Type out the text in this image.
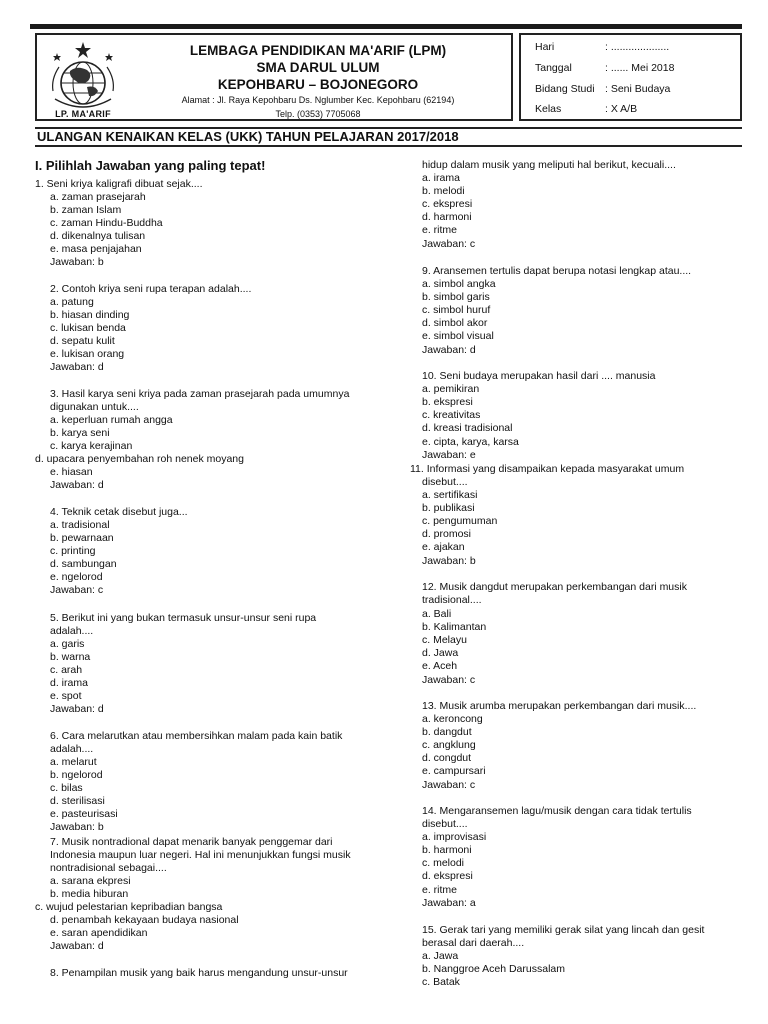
LP. MA'ARIF
LEMBAGA PENDIDIKAN MA'ARIF (LPM)
SMA DARUL ULUM
KEPOHBARU – BOJONEGORO
Alamat : Jl. Raya Kepohbaru Ds. Nglumber Kec. Kepohbaru (62194)
Telp. (0353) 7705068
Hari	: ....................
Tanggal	: ...... Mei 2018
Bidang Studi : Seni Budaya
Kelas	: X A/B
ULANGAN KENAIKAN KELAS (UKK) TAHUN PELAJARAN 2017/2018
I. Pilihlah Jawaban yang paling tepat!
1. Seni kriya kaligrafi dibuat sejak....
a. zaman prasejarah
b. zaman Islam
c. zaman Hindu-Buddha
d. dikenalnya tulisan
e. masa penjajahan
Jawaban: b
2. Contoh kriya seni rupa terapan adalah....
a. patung
b. hiasan dinding
c. lukisan benda
d. sepatu kulit
e. lukisan orang
Jawaban: d
3. Hasil karya seni kriya pada zaman prasejarah pada umumnya
digunakan untuk....
a. keperluan rumah angga
b. karya seni
c. karya kerajinan
d. upacara penyembahan roh nenek moyang
e. hiasan
Jawaban: d
4. Teknik cetak disebut juga...
a. tradisional
b. pewarnaan
c. printing
d. sambungan
e. ngelorod
Jawaban: c
5. Berikut ini yang bukan termasuk unsur-unsur seni rupa
adalah....
a. garis
b. warna
c. arah
d. irama
e. spot
Jawaban: d
6. Cara melarutkan atau membersihkan malam pada kain batik
adalah....
a. melarut
b. ngelorod
c. bilas
d. sterilisasi
e. pasteurisasi
Jawaban: b
7. Musik nontradional dapat menarik banyak penggemar dari
Indonesia maupun luar negeri. Hal ini menunjukkan fungsi musik
nontradisional sebagai....
a. sarana ekpresi
b. media hiburan
c. wujud pelestarian kepribadian bangsa
d. penambah kekayaan budaya nasional
e. saran apendidikan
Jawaban: d
8. Penampilan musik yang baik harus mengandung unsur-unsur
hidup dalam musik yang meliputi hal berikut, kecuali....
a. irama
b. melodi
c. ekspresi
d. harmoni
e. ritme
Jawaban: c
9. Aransemen tertulis dapat berupa notasi lengkap atau....
a. simbol angka
b. simbol garis
c. simbol huruf
d. simbol akor
e. simbol visual
Jawaban: d
10. Seni budaya merupakan hasil dari .... manusia
a. pemikiran
b. ekspresi
c. kreativitas
d. kreasi tradisional
e. cipta, karya, karsa
Jawaban: e
11. Informasi yang disampaikan kepada masyarakat umum
disebut....
a. sertifikasi
b. publikasi
c. pengumuman
d. promosi
e. ajakan
Jawaban: b
12. Musik dangdut merupakan perkembangan dari musik
tradisional....
a. Bali
b. Kalimantan
c. Melayu
d. Jawa
e. Aceh
Jawaban: c
13. Musik arumba merupakan perkembangan dari musik....
a. keroncong
b. dangdut
c. angklung
d. congdut
e. campursari
Jawaban: c
14. Mengaransemen lagu/musik dengan cara tidak tertulis
disebut....
a. improvisasi
b. harmoni
c. melodi
d. ekspresi
e. ritme
Jawaban: a
15. Gerak tari yang memiliki gerak silat yang lincah dan gesit
berasal dari daerah....
a. Jawa
b. Nanggroe Aceh Darussalam
c. Batak
